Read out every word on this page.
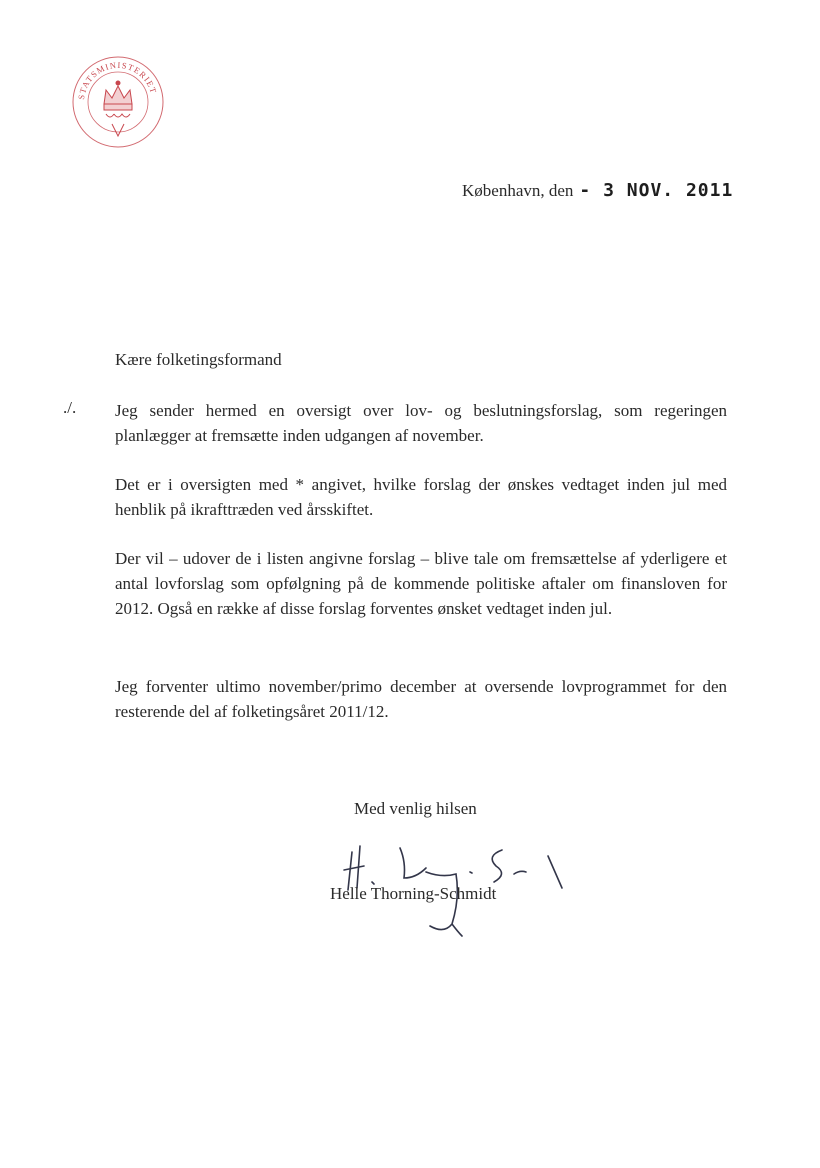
STATSMINISTERIET
København, den - 3 NOV. 2011
Kære folketingsformand
./. Jeg sender hermed en oversigt over lov- og beslutningsforslag, som regeringen planlægger at fremsætte inden udgangen af november.

Det er i oversigten med * angivet, hvilke forslag der ønskes vedtaget inden jul med henblik på ikrafttræden ved årsskiftet.

Der vil – udover de i listen angivne forslag – blive tale om fremsættelse af yderligere et antal lovforslag som opfølgning på de kommende politiske aftaler om finansloven for 2012. Også en række af disse forslag forventes ønsket vedtaget inden jul.

Jeg forventer ultimo november/primo december at oversende lovprogrammet for den resterende del af folketingsåret 2011/12.

Med venlig hilsen
Helle Thorning-Schmidt
